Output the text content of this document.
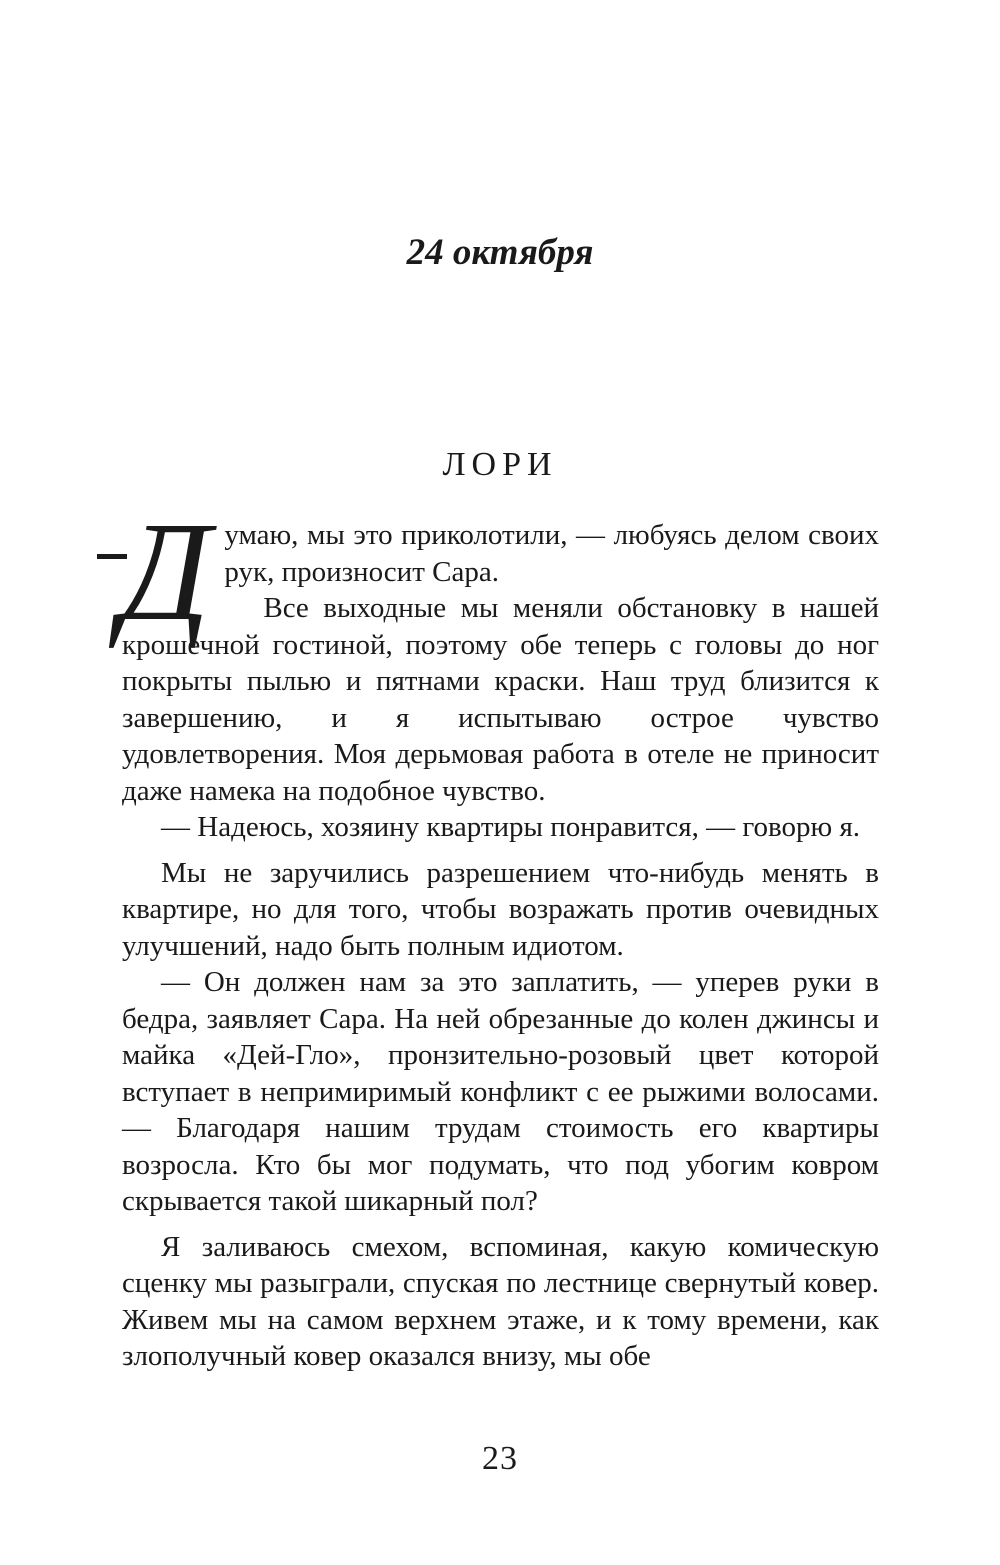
24 октября
ЛОРИ

Думаю, мы это приколотили, — любуясь делом своих рук, произносит Сара.

Все выходные мы меняли обстановку в нашей крошечной гостиной, поэтому обе теперь с головы до ног покрыты пылью и пятнами краски. Наш труд близится к завершению, и я испытываю острое чувство удовлетворения. Моя дерьмовая работа в отеле не приносит даже намека на подобное чувство.

— Надеюсь, хозяину квартиры понравится, — говорю я.

Мы не заручились разрешением что-нибудь менять в квартире, но для того, чтобы возражать против очевидных улучшений, надо быть полным идиотом.

— Он должен нам за это заплатить, — уперев руки в бедра, заявляет Сара. На ней обрезанные до колен джинсы и майка «Дей-Гло», пронзительно-розовый цвет которой вступает в непримиримый конфликт с ее рыжими волосами. — Благодаря нашим трудам стоимость его квартиры возросла. Кто бы мог подумать, что под убогим ковром скрывается такой шикарный пол?

Я заливаюсь смехом, вспоминая, какую комическую сценку мы разыграли, спуская по лестнице свернутый ковер. Живем мы на самом верхнем этаже, и к тому времени, как злополучный ковер оказался внизу, мы обе

23
